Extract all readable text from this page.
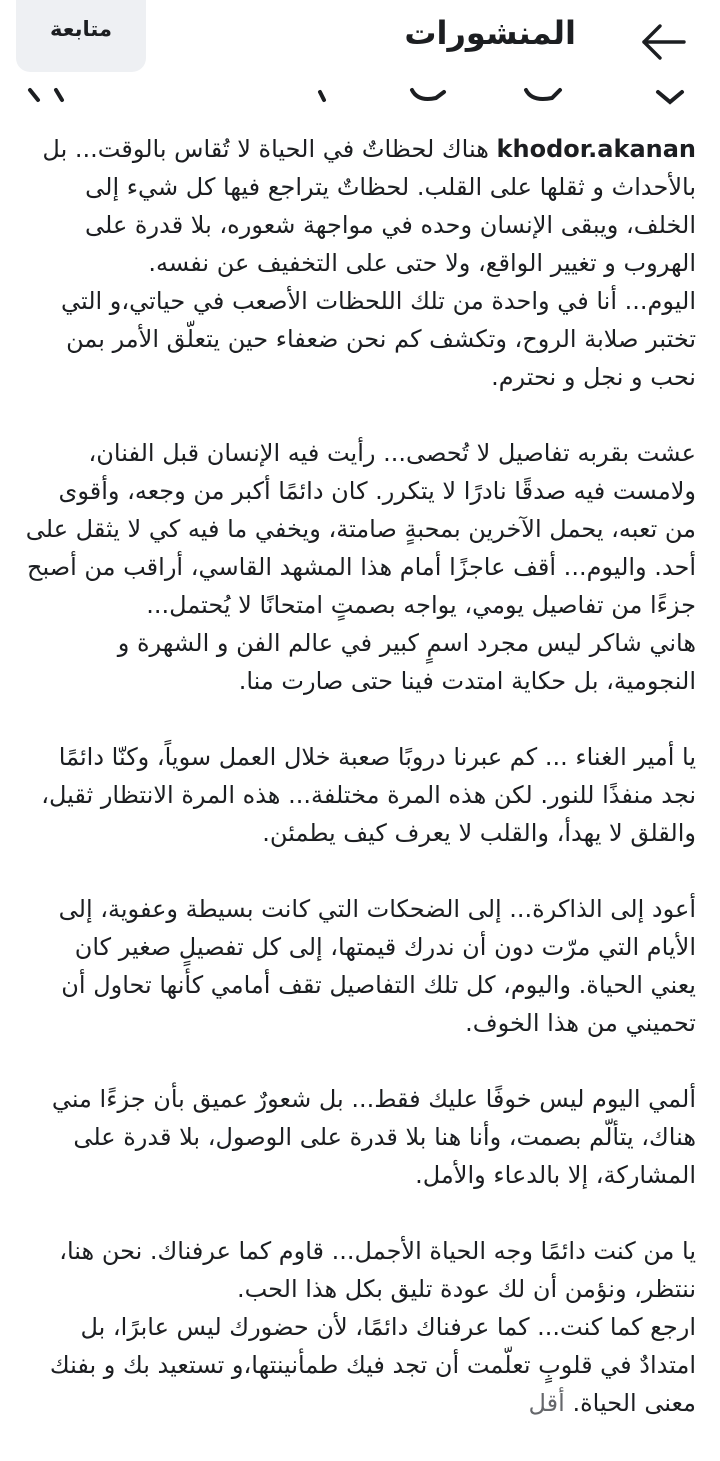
متابعة	المنشورات

khodor.akanan هناك لحظاتٌ في الحياة لا تُقاس بالوقت... بل بالأحداث و ثقلها على القلب. لحظاتٌ يتراجع فيها كل شيء إلى الخلف، ويبقى الإنسان وحده في مواجهة شعوره، بلا قدرة على الهروب و تغيير الواقع، ولا حتى على التخفيف عن نفسه.

اليوم... أنا في واحدة من تلك اللحظات الأصعب في حياتي،و التي تختبر صلابة الروح، وتكشف كم نحن ضعفاء حين يتعلّق الأمر بمن نحب و نجل و نحترم.

عشت بقربه تفاصيل لا تُحصى... رأيت فيه الإنسان قبل الفنان، ولامست فيه صدقًا نادرًا لا يتكرر. كان دائمًا أكبر من وجعه، وأقوى من تعبه، يحمل الآخرين بمحبةٍ صامتة، ويخفي ما فيه كي لا يثقل على أحد. واليوم... أقف عاجزًا أمام هذا المشهد القاسي، أراقب من أصبح جزءًا من تفاصيل يومي، يواجه بصمتٍ امتحانًا لا يُحتمل...

هاني شاكر ليس مجرد اسمٍ كبير في عالم الفن و الشهرة و النجومية، بل حكاية امتدت فينا حتى صارت منا.

يا أمير الغناء ... كم عبرنا دروبًا صعبة خلال العمل سوياً، وكنّا دائمًا نجد منفذًا للنور. لكن هذه المرة مختلفة... هذه المرة الانتظار ثقيل، والقلق لا يهدأ، والقلب لا يعرف كيف يطمئن.

أعود إلى الذاكرة... إلى الضحكات التي كانت بسيطة وعفوية، إلى الأيام التي مرّت دون أن ندرك قيمتها، إلى كل تفصيلٍ صغير كان يعني الحياة. واليوم، كل تلك التفاصيل تقف أمامي كأنها تحاول أن تحميني من هذا الخوف.

ألمي اليوم ليس خوفًا عليك فقط... بل شعورٌ عميق بأن جزءًا مني هناك، يتألّم بصمت، وأنا هنا بلا قدرة على الوصول، بلا قدرة على المشاركة، إلا بالدعاء والأمل.

يا من كنت دائمًا وجه الحياة الأجمل... قاوم كما عرفناك. نحن هنا، ننتظر، ونؤمن أن لك عودة تليق بكل هذا الحب.

ارجع كما كنت... كما عرفناك دائمًا، لأن حضورك ليس عابرًا، بل امتدادٌ في قلوبٍ تعلّمت أن تجد فيك طمأنينتها،و تستعيد بك و بفنك معنى الحياة. أقل
